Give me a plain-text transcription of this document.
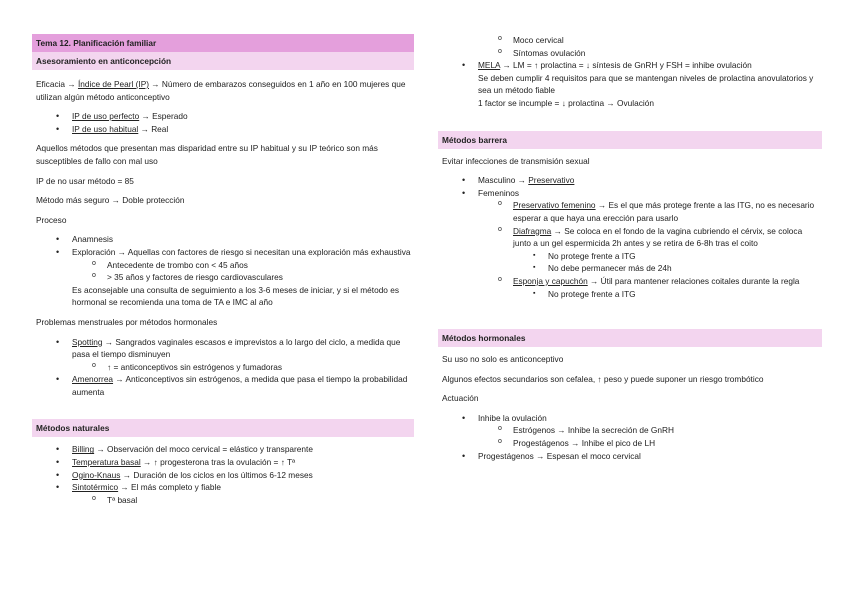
Tema 12. Planificación familiar
Asesoramiento en anticoncepción

Eficacia → Índice de Pearl (IP) → Número de embarazos conseguidos en 1 año en 100 mujeres que utilizan algún método anticonceptivo

• IP de uso perfecto → Esperado
• IP de uso habitual → Real

Aquellos métodos que presentan mas disparidad entre su IP habitual y su IP teórico son más susceptibles de fallo con mal uso

IP de no usar método = 85

Método más seguro → Doble protección

Proceso

• Anamnesis
• Exploración → Aquellas con factores de riesgo si necesitan una exploración más exhaustiva
o Antecedente de trombo con < 45 años
o > 35 años y factores de riesgo cardiovasculares

Es aconsejable una consulta de seguimiento a los 3-6 meses de iniciar, y si el método es hormonal se recomienda una toma de TA e IMC al año

Problemas menstruales por métodos hormonales

• Spotting → Sangrados vaginales escasos e imprevistos a lo largo del ciclo, a medida que pasa el tiempo disminuyen
o ↑ = anticonceptivos sin estrógenos y fumadoras
• Amenorrea → Anticonceptivos sin estrógenos, a medida que pasa el tiempo la probabilidad aumenta
Métodos naturales
• Billing → Observación del moco cervical = elástico y transparente
• Temperatura basal → ↑ progesterona tras la ovulación = ↑ Tª
• Ogino-Knaus → Duración de los ciclos en los últimos 6-12 meses
• Sintotérmico → El más completo y fiable
o Tª basal
o Moco cervical
o Síntomas ovulación
• MELA → LM = ↑ prolactina = ↓ síntesis de GnRH y FSH = inhibe ovulación
Se deben cumplir 4 requisitos para que se mantengan niveles de prolactina anovulatorios y sea un método fiable
1 factor se incumple = ↓ prolactina → Ovulación
Métodos barrera

Evitar infecciones de transmisión sexual

• Masculino → Preservativo
• Femeninos
o Preservativo femenino → Es el que más protege frente a las ITG, no es necesario esperar a que haya una erección para usarlo
o Diafragma → Se coloca en el fondo de la vagina cubriendo el cérvix, se coloca junto a un gel espermicida 2h antes y se retira de 6-8h tras el coito
▪ No protege frente a ITG
▪ No debe permanecer más de 24h
o Esponja y capuchón → Útil para mantener relaciones coitales durante la regla
▪ No protege frente a ITG
Métodos hormonales

Su uso no solo es anticonceptivo

Algunos efectos secundarios son cefalea, ↑ peso y puede suponer un riesgo trombótico

Actuación

• Inhibe la ovulación
o Estrógenos → Inhibe la secreción de GnRH
o Progestágenos → Inhibe el pico de LH
• Progestágenos → Espesan el moco cervical
